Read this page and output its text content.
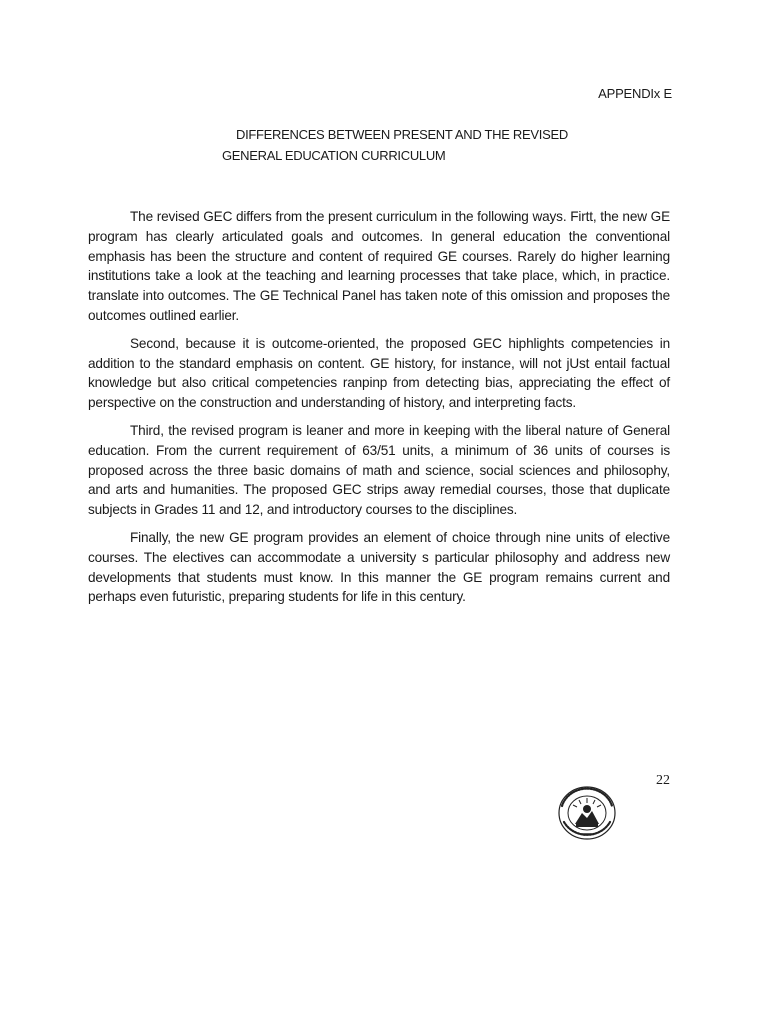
APPENDIx E
DIFFERENCES BETWEEN PRESENT AND THE REVISED
GENERAL EDUCATION CURRICULUM

The revised GEC differs from the present curriculum in the following ways. Firtt, the new GE program has clearly articulated goals and outcomes. In general education the conventional emphasis has been the structure and content of required GE courses. Rarely do higher learning institutions take a look at the teaching and learning processes that take place, which, in practice. translate into outcomes. The GE Technical Panel has taken note of this omission and proposes the outcomes outlined earlier.

Second, because it is outcome-oriented, the proposed GEC hiphlights competencies in addition to the standard emphasis on content. GE history, for instance, will not jUst entail factual knowledge but also critical competencies ranpinp from detecting bias, appreciating the effect of perspective on the construction and understanding of history, and interpreting facts.

Third, the revised program is leaner and more in keeping with the liberal nature of General education. From the current requirement of 63/51 units, a minimum of 36 units of courses is proposed across the three basic domains of math and science, social sciences and philosophy, and arts and humanities. The proposed GEC strips away remedial courses, those that duplicate subjects in Grades 11 and 12, and introductory courses to the disciplines.

Finally, the new GE program provides an element of choice through nine units of elective courses. The electives can accommodate a university s particular philosophy and address new developments that students must know. In this manner the GE program remains current and perhaps even futuristic, preparing students for life in this century.

22
